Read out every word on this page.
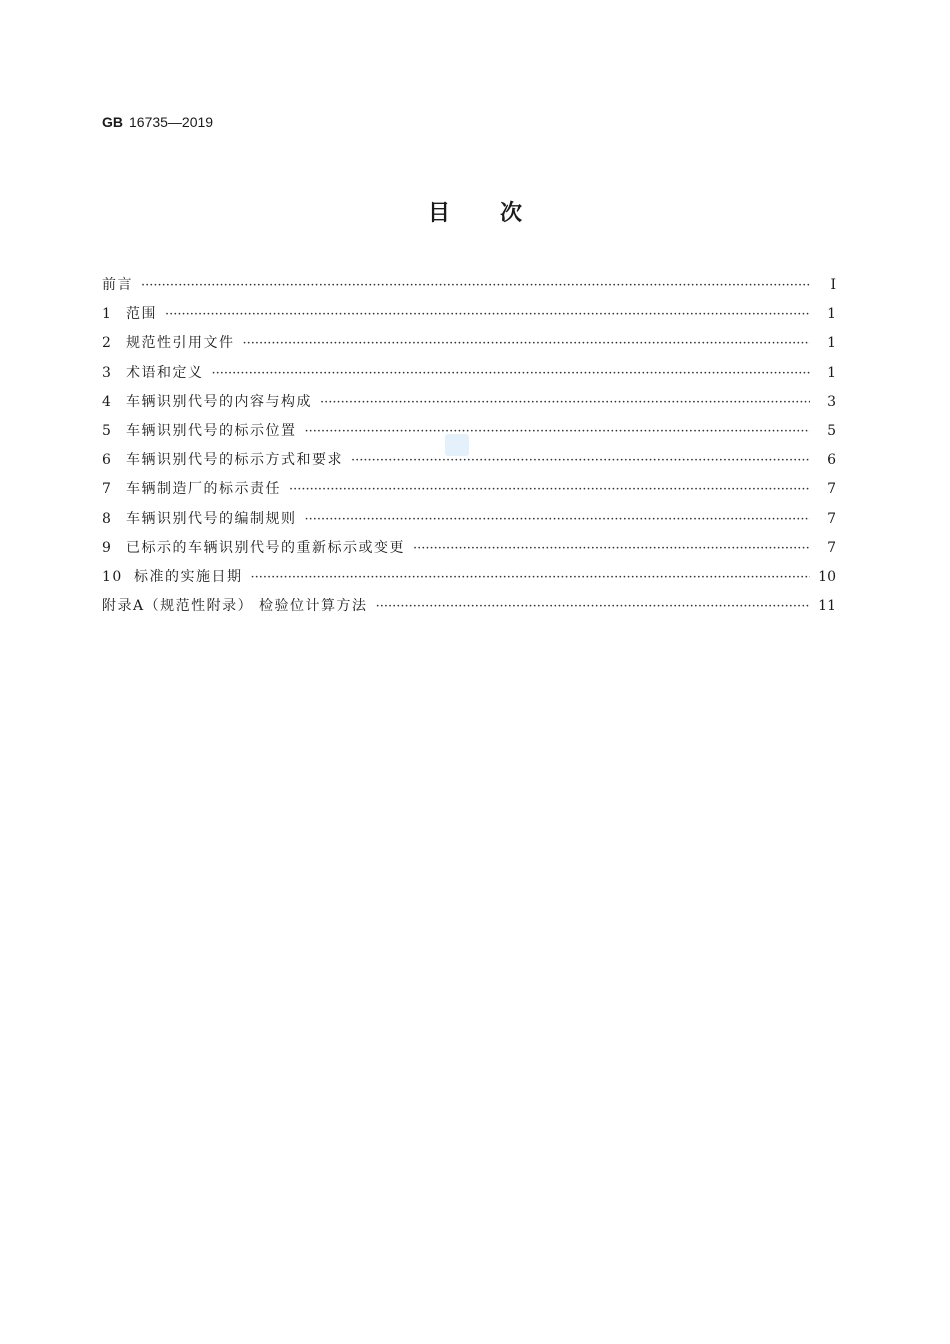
GB 16735—2019
目次
前言 ·····	Ⅰ
1 范围 ·····	1
2 规范性引用文件 ·····	1
3 术语和定义 ·····	1
4 车辆识别代号的内容与构成 ·····	3
5 车辆识别代号的标示位置 ·····	5
6 车辆识别代号的标示方式和要求 ·····	6
7 车辆制造厂的标示责任 ·····	7
8 车辆识别代号的编制规则 ·····	7
9 已标示的车辆识别代号的重新标示或变更 ·····	7
10 标准的实施日期 ·····	10
附录A（规范性附录） 检验位计算方法 ·····	11
